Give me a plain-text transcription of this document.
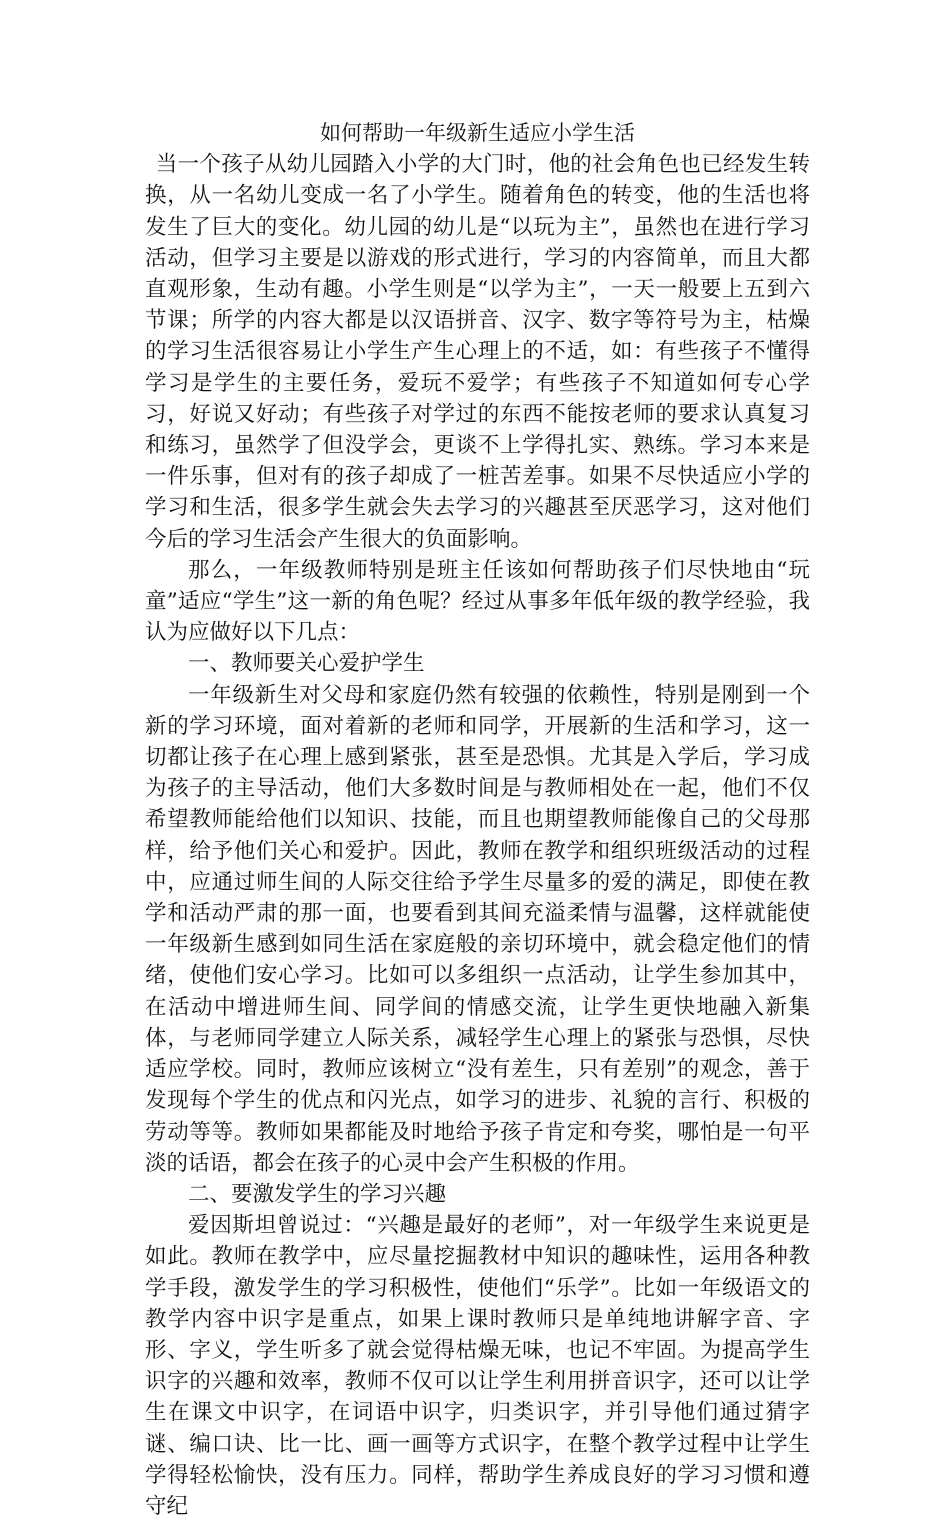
如何帮助一年级新生适应小学生活

当一个孩子从幼儿园踏入小学的大门时，他的社会角色也已经发生转换，从一名幼儿变成一名了小学生。随着角色的转变，他的生活也将发生了巨大的变化。幼儿园的幼儿是“以玩为主”，虽然也在进行学习活动，但学习主要是以游戏的形式进行，学习的内容简单，而且大都直观形象，生动有趣。小学生则是“以学为主”，一天一般要上五到六节课；所学的内容大都是以汉语拼音、汉字、数字等符号为主，枯燥的学习生活很容易让小学生产生心理上的不适，如：有些孩子不懂得学习是学生的主要任务，爱玩不爱学；有些孩子不知道如何专心学习，好说又好动；有些孩子对学过的东西不能按老师的要求认真复习和练习，虽然学了但没学会，更谈不上学得扎实、熟练。学习本来是一件乐事，但对有的孩子却成了一桩苦差事。如果不尽快适应小学的学习和生活，很多学生就会失去学习的兴趣甚至厌恶学习，这对他们今后的学习生活会产生很大的负面影响。

那么，一年级教师特别是班主任该如何帮助孩子们尽快地由“玩童”适应“学生”这一新的角色呢？经过从事多年低年级的教学经验，我认为应做好以下几点：

一、教师要关心爱护学生

一年级新生对父母和家庭仍然有较强的依赖性，特别是刚到一个新的学习环境，面对着新的老师和同学，开展新的生活和学习，这一切都让孩子在心理上感到紧张，甚至是恐惧。尤其是入学后，学习成为孩子的主导活动，他们大多数时间是与教师相处在一起，他们不仅希望教师能给他们以知识、技能，而且也期望教师能像自己的父母那样，给予他们关心和爱护。因此，教师在教学和组织班级活动的过程中，应通过师生间的人际交往给予学生尽量多的爱的满足，即使在教学和活动严肃的那一面，也要看到其间充溢柔情与温馨，这样就能使一年级新生感到如同生活在家庭般的亲切环境中，就会稳定他们的情绪，使他们安心学习。比如可以多组织一点活动，让学生参加其中，在活动中增进师生间、同学间的情感交流，让学生更快地融入新集体，与老师同学建立人际关系，减轻学生心理上的紧张与恐惧，尽快适应学校。同时，教师应该树立“没有差生，只有差别”的观念，善于发现每个学生的优点和闪光点，如学习的进步、礼貌的言行、积极的劳动等等。教师如果都能及时地给予孩子肯定和夸奖，哪怕是一句平淡的话语，都会在孩子的心灵中会产生积极的作用。

二、要激发学生的学习兴趣

爱因斯坦曾说过：“兴趣是最好的老师”，对一年级学生来说更是如此。教师在教学中，应尽量挖掘教材中知识的趣味性，运用各种教学手段，激发学生的学习积极性，使他们“乐学”。比如一年级语文的教学内容中识字是重点，如果上课时教师只是单纯地讲解字音、字形、字义，学生听多了就会觉得枯燥无味，也记不牢固。为提高学生识字的兴趣和效率，教师不仅可以让学生利用拼音识字，还可以让学生在课文中识字，在词语中识字，归类识字，并引导他们通过猜字谜、编口诀、比一比、画一画等方式识字，在整个教学过程中让学生学得轻松愉快，没有压力。同样，帮助学生养成良好的学习习惯和遵守纪
